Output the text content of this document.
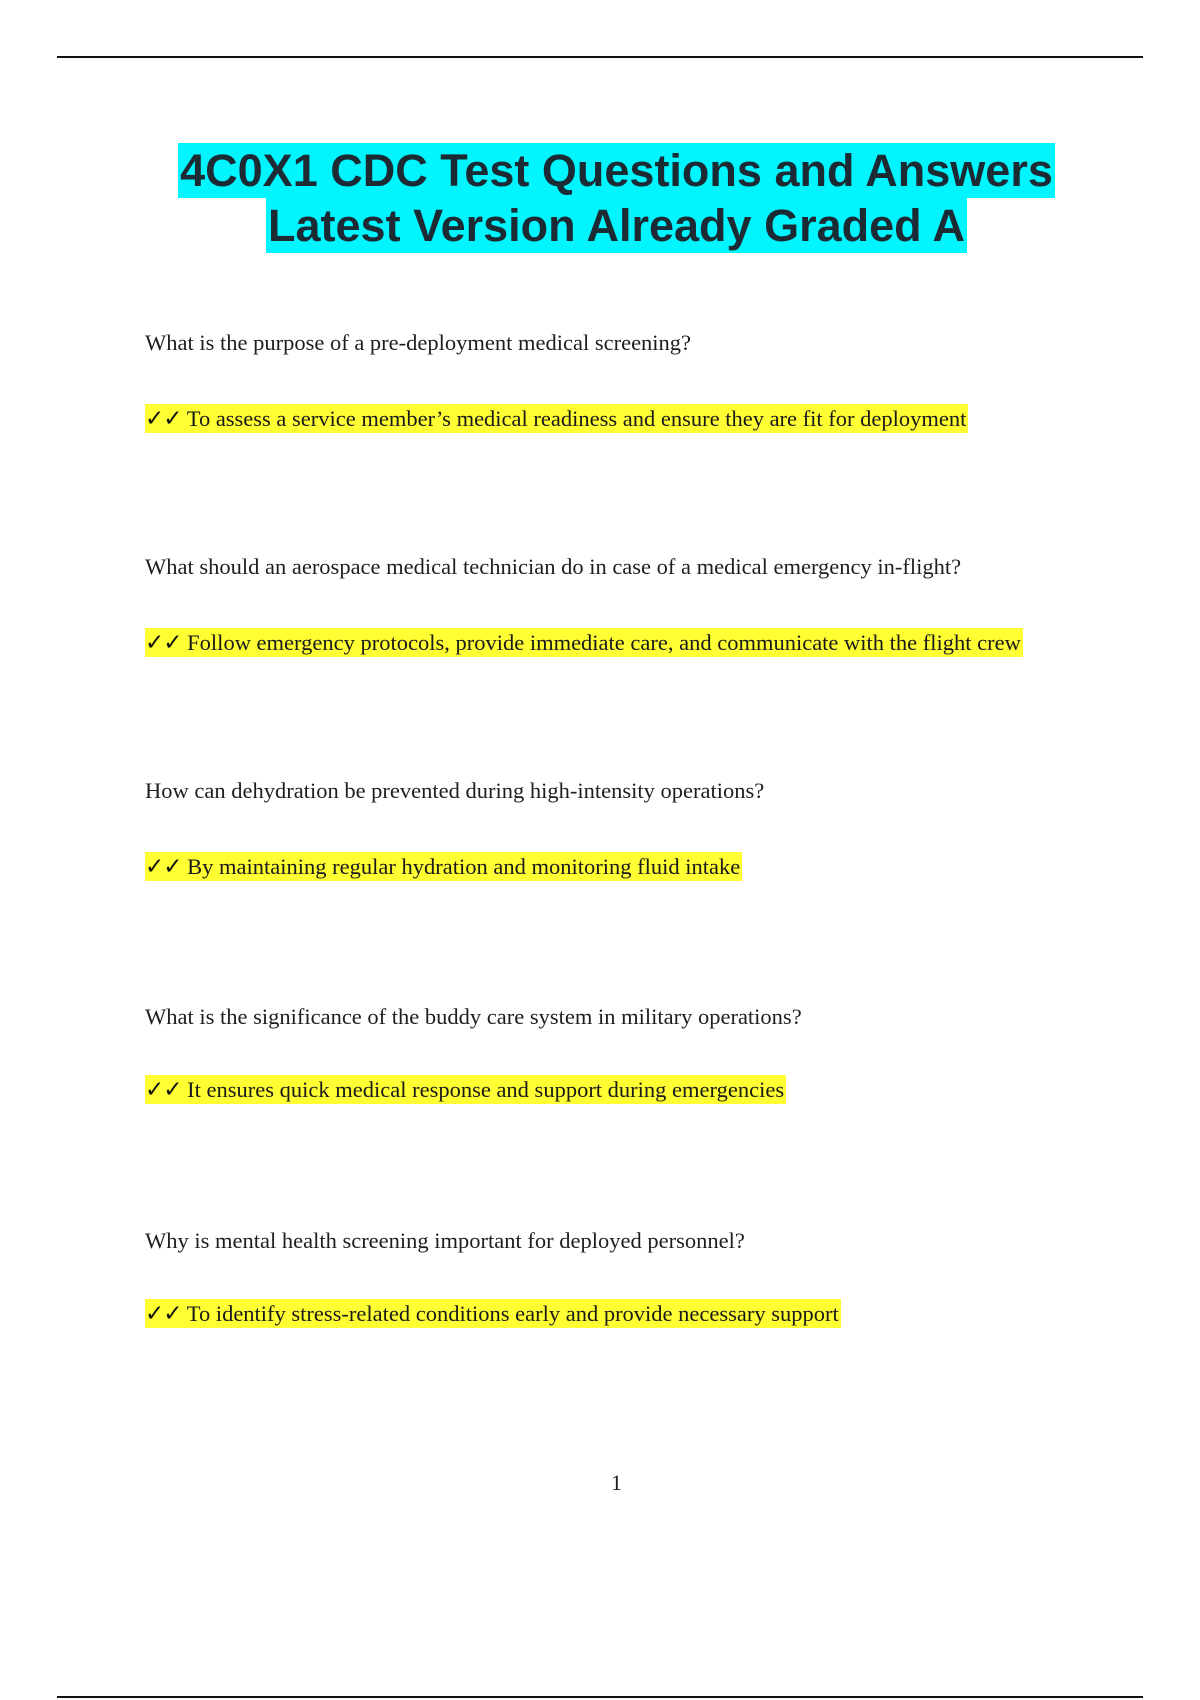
4C0X1 CDC Test Questions and Answers
Latest Version Already Graded A
What is the purpose of a pre-deployment medical screening?
✓✓ To assess a service member’s medical readiness and ensure they are fit for deployment
What should an aerospace medical technician do in case of a medical emergency in-flight?
✓✓ Follow emergency protocols, provide immediate care, and communicate with the flight crew
How can dehydration be prevented during high-intensity operations?
✓✓ By maintaining regular hydration and monitoring fluid intake
What is the significance of the buddy care system in military operations?
✓✓ It ensures quick medical response and support during emergencies
Why is mental health screening important for deployed personnel?
✓✓ To identify stress-related conditions early and provide necessary support
1
